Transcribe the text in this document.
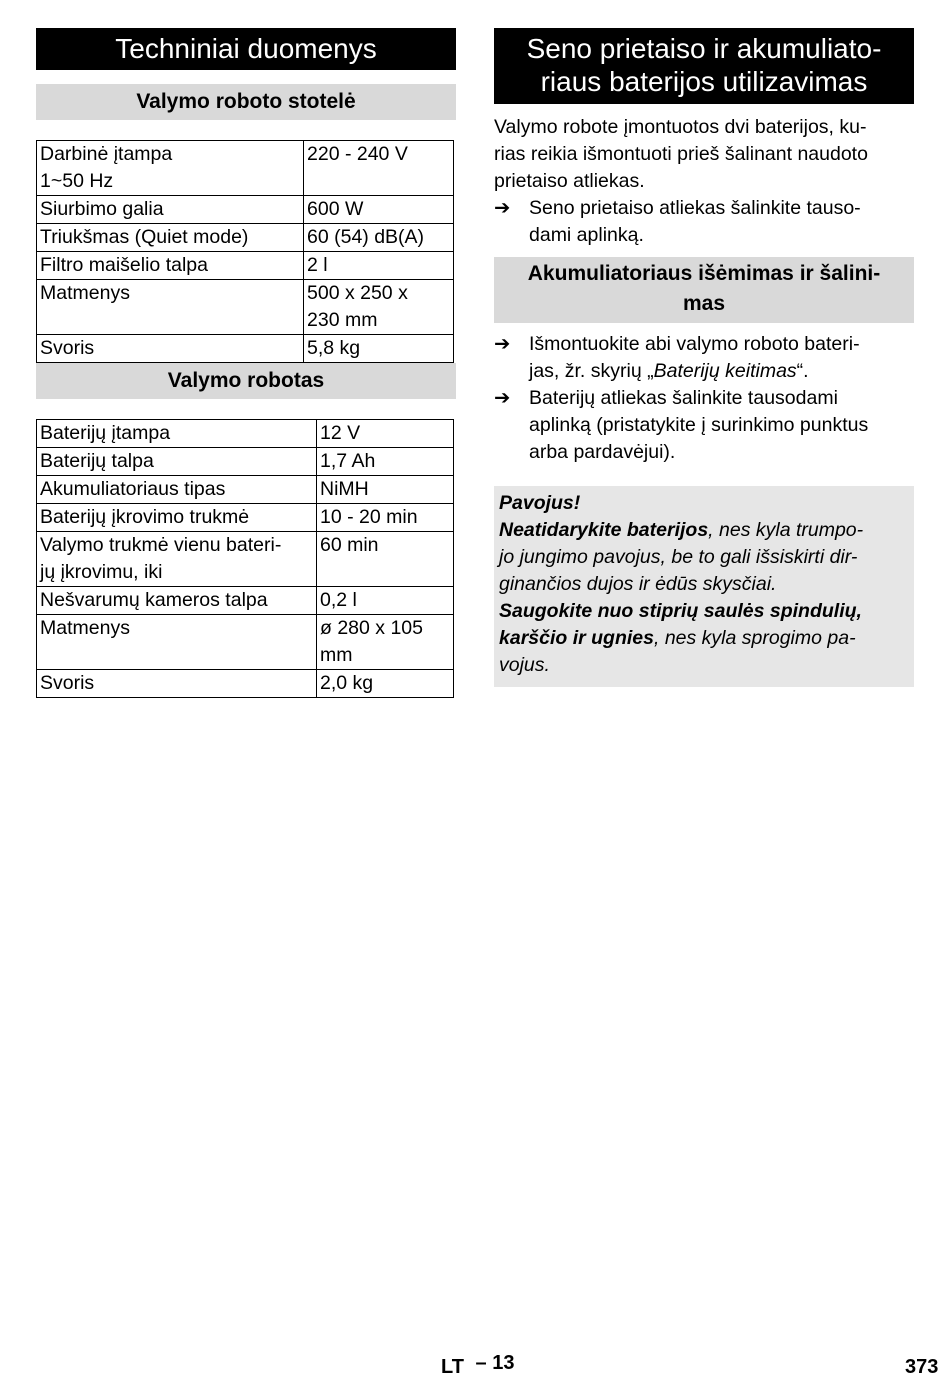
Techniniai duomenys
Valymo roboto stotelė
Darbinė įtampa
1~50 Hz	220 - 240 V
Siurbimo galia	600 W
Triukšmas (Quiet mode)	60 (54) dB(A)
Filtro maišelio talpa	2 l
Matmenys	500 x 250 x
230 mm
Svoris	5,8 kg
Valymo robotas
Baterijų įtampa	12 V
Baterijų talpa	1,7 Ah
Akumuliatoriaus tipas	NiMH
Baterijų įkrovimo trukmė	10 - 20 min
Valymo trukmė vienu bateri-
jų įkrovimu, iki	60 min
Nešvarumų kameros talpa	0,2 l
Matmenys	ø 280 x 105
mm
Svoris	2,0 kg
Seno prietaiso ir akumuliato-
riaus baterijos utilizavimas
Valymo robote įmontuotos dvi baterijos, ku-
rias reikia išmontuoti prieš šalinant naudoto
prietaiso atliekas.
➔ Seno prietaiso atliekas šalinkite tauso-
dami aplinką.
Akumuliatoriaus išėmimas ir šalini-
mas
➔ Išmontuokite abi valymo roboto bateri-
jas, žr. skyrių „Baterijų keitimas“.
➔ Baterijų atliekas šalinkite tausodami
aplinką (pristatykite į surinkimo punktus
arba pardavėjui).
Pavojus!
Neatidarykite baterijos, nes kyla trumpo-
jo jungimo pavojus, be to gali išsiskirti dir-
ginančios dujos ir ėdūs skysčiai.
Saugokite nuo stiprių saulės spindulių,
karščio ir ugnies, nes kyla sprogimo pa-
vojus.
LT – 13	373
